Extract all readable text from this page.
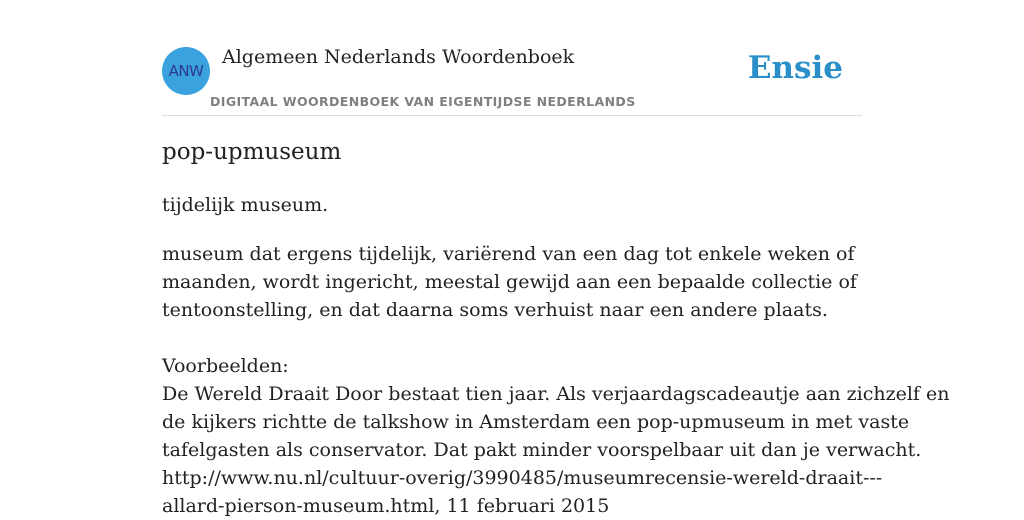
ANW
Algemeen Nederlands Woordenboek
DIGITAAL WOORDENBOEK VAN EIGENTIJDSE NEDERLANDS
Ensie
pop-upmuseum
tijdelijk museum.
museum dat ergens tijdelijk, variërend van een dag tot enkele weken of
maanden, wordt ingericht, meestal gewijd aan een bepaalde collectie of
tentoonstelling, en dat daarna soms verhuist naar een andere plaats.
Voorbeelden:
De Wereld Draait Door bestaat tien jaar. Als verjaardagscadeautje aan zichzelf en
de kijkers richtte de talkshow in Amsterdam een pop-upmuseum in met vaste
tafelgasten als conservator. Dat pakt minder voorspelbaar uit dan je verwacht.
http://www.nu.nl/cultuur-overig/3990485/museumrecensie-wereld-draait---
allard-pierson-museum.html, 11 februari 2015
